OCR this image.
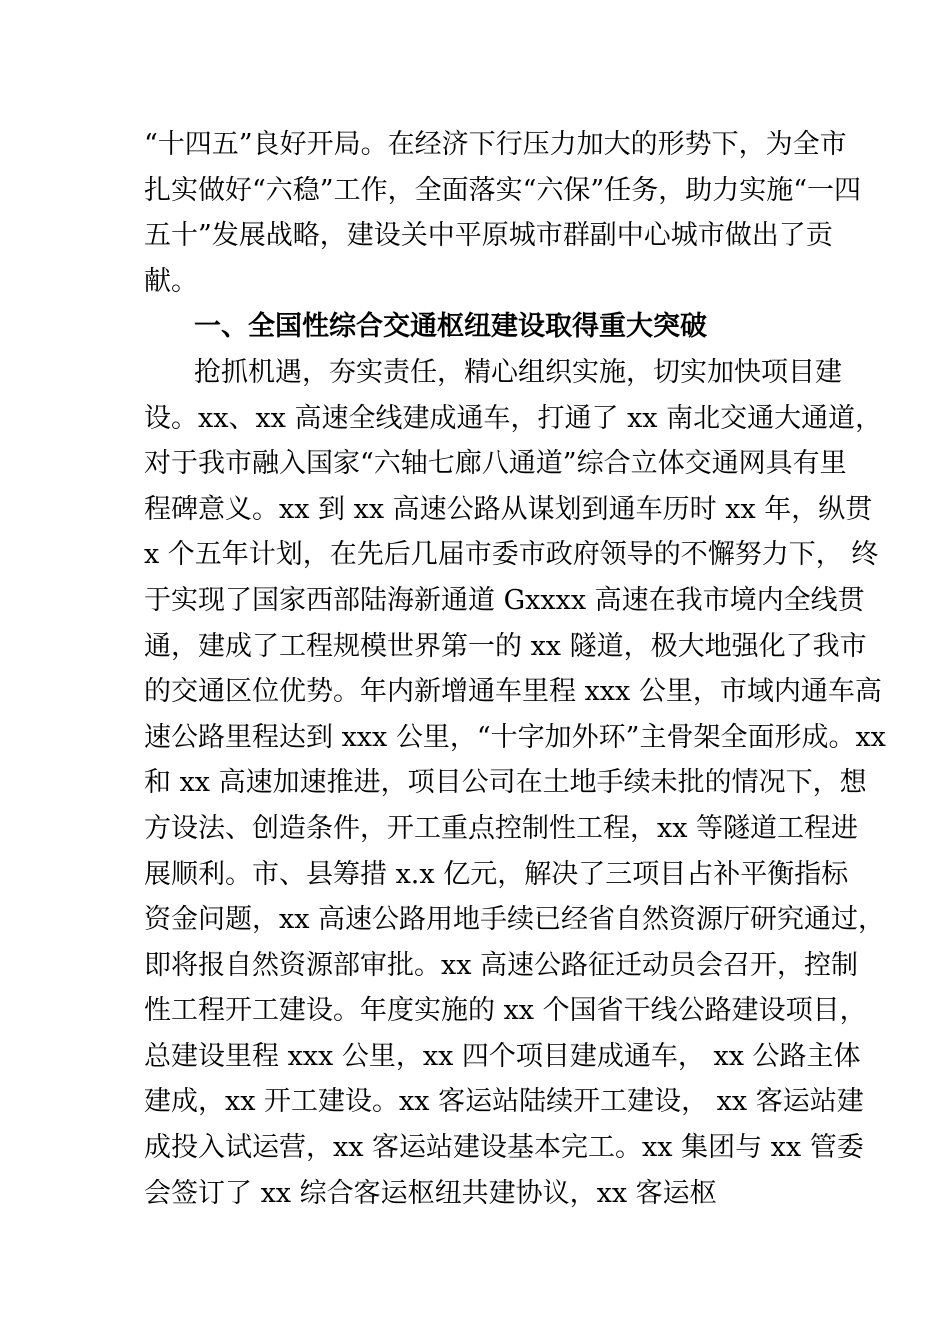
“十四五”良好开局。在经济下行压力加大的形势下，为全市
扎实做好“六稳”工作，全面落实“六保”任务，助力实施“一四
五十”发展战略，建设关中平原城市群副中心城市做出了贡
献。
一、全国性综合交通枢纽建设取得重大突破
抢抓机遇，夯实责任，精心组织实施，切实加快项目建
设。xx、xx 高速全线建成通车，打通了 xx 南北交通大通道，
对于我市融入国家“六轴七廊八通道”综合立体交通网具有里
程碑意义。xx 到 xx 高速公路从谋划到通车历时 xx 年，纵贯
x 个五年计划，在先后几届市委市政府领导的不懈努力下， 终
于实现了国家西部陆海新通道 Gxxxx 高速在我市境内全线贯
通，建成了工程规模世界第一的 xx 隧道，极大地强化了我市
的交通区位优势。年内新增通车里程 xxx 公里，市域内通车高
速公路里程达到 xxx 公里，“十字加外环”主骨架全面形成。xx
和 xx 高速加速推进，项目公司在土地手续未批的情况下，想
方设法、创造条件，开工重点控制性工程，xx 等隧道工程进
展顺利。市、县筹措 x.x 亿元，解决了三项目占补平衡指标
资金问题，xx 高速公路用地手续已经省自然资源厅研究通过，
即将报自然资源部审批。xx 高速公路征迁动员会召开，控制
性工程开工建设。年度实施的 xx 个国省干线公路建设项目，
总建设里程 xxx 公里，xx 四个项目建成通车， xx 公路主体
建成，xx 开工建设。xx 客运站陆续开工建设， xx 客运站建
成投入试运营，xx 客运站建设基本完工。xx 集团与 xx 管委
会签订了 xx 综合客运枢纽共建协议，xx 客运枢
